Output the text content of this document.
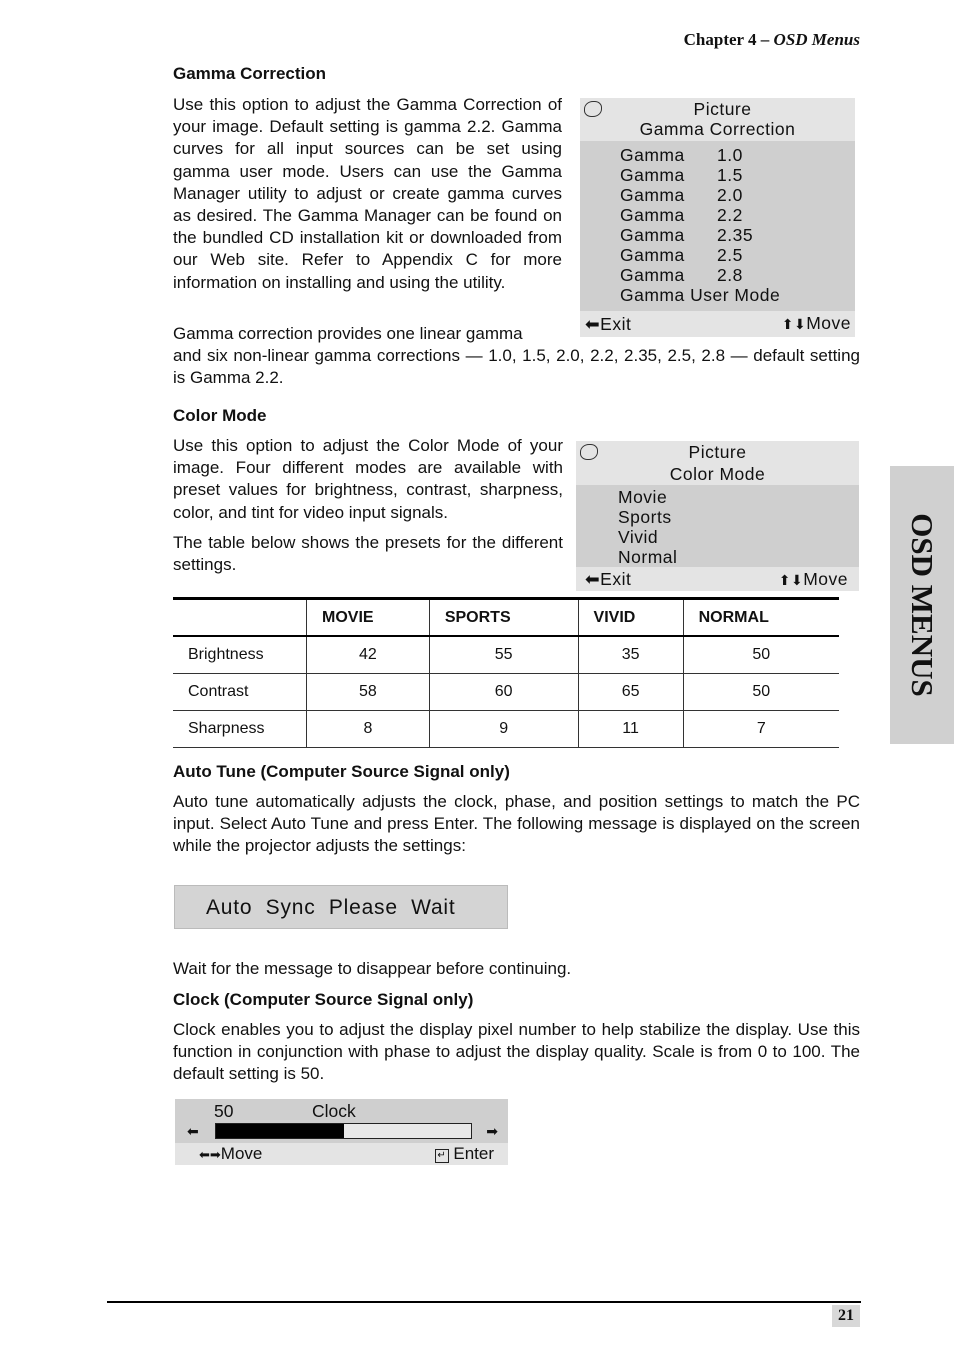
Chapter 4 – OSD Menus
OSD MENUS
Gamma Correction

Use this option to adjust the Gamma Correction of your image. Default setting is gamma 2.2. Gamma curves for all input sources can be set using gamma user mode. Users can use the Gamma Manager utility to adjust or create gamma curves as desired. The Gamma Manager can be found on the bundled CD installation kit or downloaded from our Web site. Refer to Appendix C for more information on installing and using the utility.

Gamma correction provides one linear gamma

and six non-linear gamma corrections — 1.0, 1.5, 2.0, 2.2, 2.35, 2.5, 2.8 — default setting is Gamma 2.2.

Picture
Gamma Correction
Gamma 1.0
Gamma 1.5
Gamma 2.0
Gamma 2.2
Gamma 2.35
Gamma 2.5
Gamma 2.8
Gamma User Mode
⬅Exit	⬆⬇Move
Color Mode

Use this option to adjust the Color Mode of your image. Four different modes are available with preset values for brightness, contrast, sharpness, color, and tint for video input signals.

The table below shows the presets for the different settings.

Picture
Color Mode
Movie
Sports
Vivid
Normal
⬅Exit	⬆⬇Move
	MOVIE	SPORTS	VIVID	NORMAL
Brightness	42	55	35	50
Contrast	58	60	65	50
Sharpness	8	9	11	7
Auto Tune (Computer Source Signal only)

Auto tune automatically adjusts the clock, phase, and position settings to match the PC input. Select Auto Tune and press Enter. The following message is displayed on the screen while the projector adjusts the settings:

Auto  Sync  Please  Wait

Wait for the message to disappear before continuing.

Clock (Computer Source Signal only)

Clock enables you to adjust the display pixel number to help stabilize the display. Use this function in conjunction with phase to adjust the display quality. Scale is from 0 to 100. The default setting is 50.

50	Clock
⬅	➡
⬅➡Move	↵ Enter
21
